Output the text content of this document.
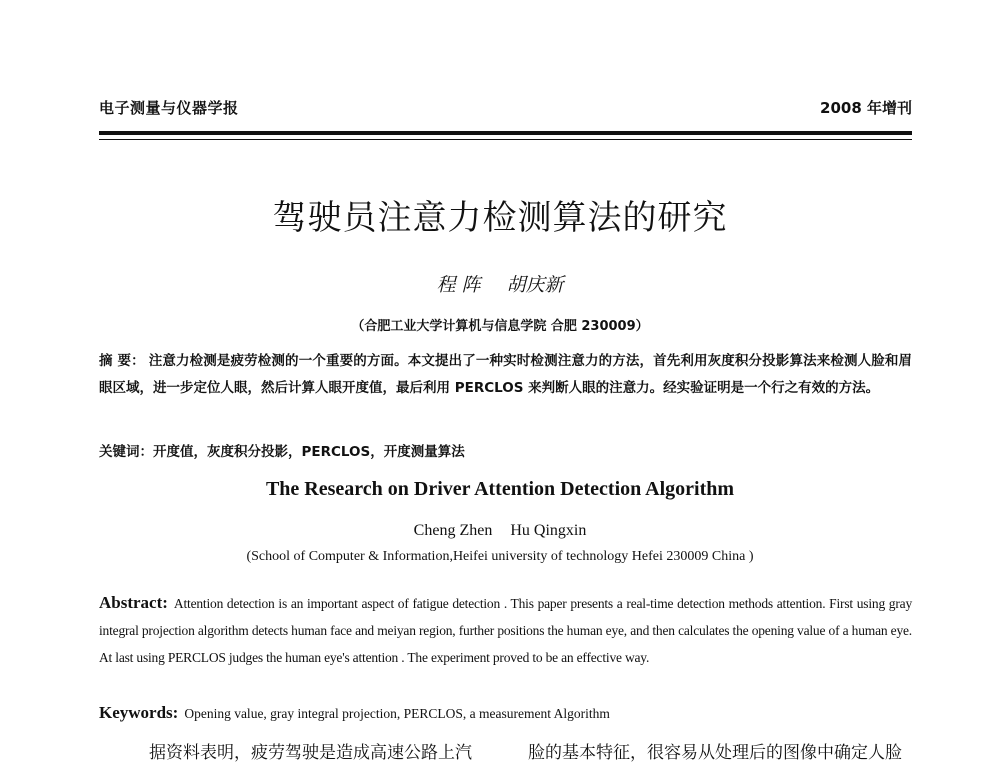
电子测量与仪器学报	2008 年增刊
驾驶员注意力检测算法的研究
程 阵 胡庆新
（合肥工业大学计算机与信息学院 合肥 230009）
摘 要： 注意力检测是疲劳检测的一个重要的方面。本文提出了一种实时检测注意力的方法，首先利用灰度积分投影算法来检测人脸和眉眼区域，进一步定位人眼，然后计算人眼开度值，最后利用 PERCLOS 来判断人眼的注意力。经实验证明是一个行之有效的方法。
关键词：开度值，灰度积分投影，PERCLOS，开度测量算法
The Research on Driver Attention Detection Algorithm
Cheng Zhen Hu Qingxin
(School of Computer & Information,Heifei university of technology Hefei 230009 China )
Abstract: Attention detection is an important aspect of fatigue detection . This paper presents a real-time detection methods attention. First using gray integral projection algorithm detects human face and meiyan region, further positions the human eye, and then calculates the opening value of a human eye. At last using PERCLOS judges the human eye's attention . The experiment proved to be an effective way.
Keywords: Opening value, gray integral projection, PERCLOS, a measurement Algorithm
据资料表明，疲劳驾驶是造成高速公路上汽	脸的基本特征，很容易从处理后的图像中确定人脸
